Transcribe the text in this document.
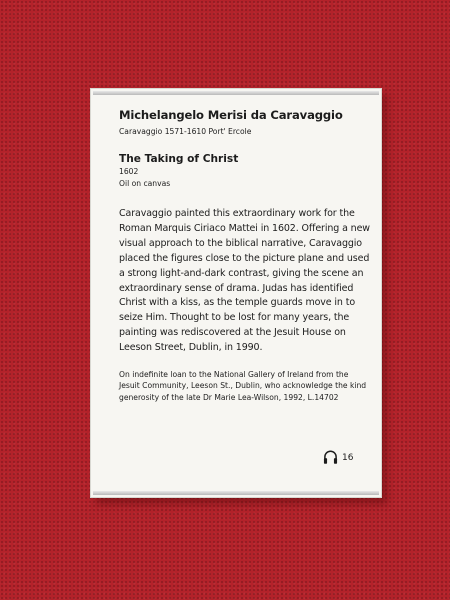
Michelangelo Merisi da Caravaggio
Caravaggio 1571-1610 Port' Ercole
The Taking of Christ
1602
Oil on canvas
Caravaggio painted this extraordinary work for the Roman Marquis Ciriaco Mattei in 1602. Offering a new visual approach to the biblical narrative, Caravaggio placed the figures close to the picture plane and used a strong light-and-dark contrast, giving the scene an extraordinary sense of drama. Judas has identified Christ with a kiss, as the temple guards move in to seize Him. Thought to be lost for many years, the painting was rediscovered at the Jesuit House on Leeson Street, Dublin, in 1990.
On indefinite loan to the National Gallery of Ireland from the Jesuit Community, Leeson St., Dublin, who acknowledge the kind generosity of the late Dr Marie Lea-Wilson, 1992, L.14702
16
